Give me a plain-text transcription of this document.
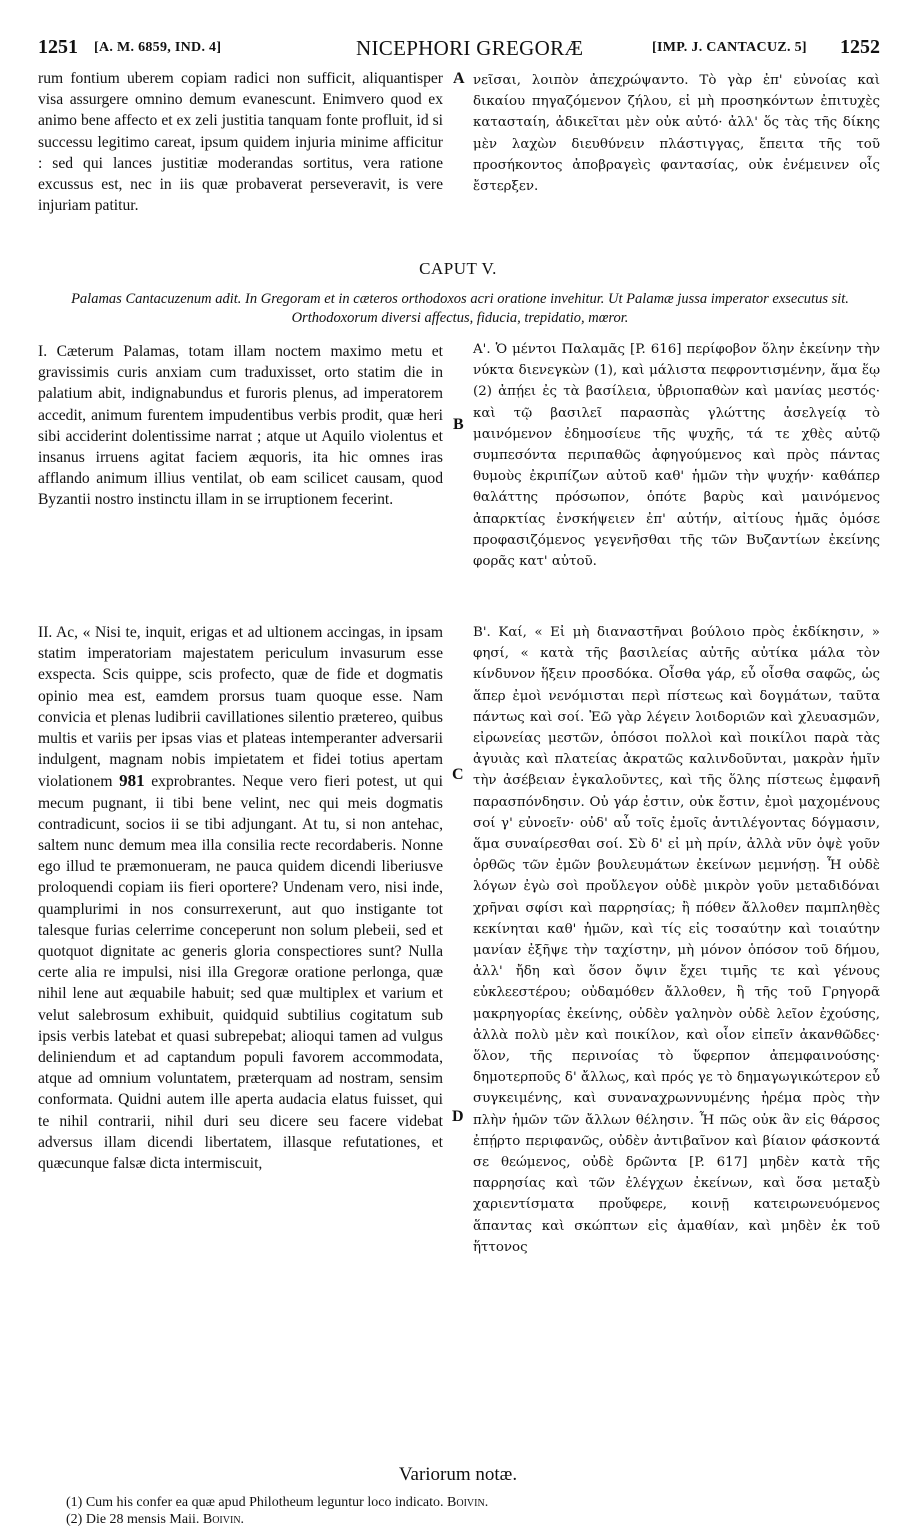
1251 [A. M. 6859, IND. 4]	NICEPHORI GREGORÆ	[IMP. J. CANTACUZ. 5] 1252
rum fontium uberem copiam radici non sufficit, aliquantisper visa assurgere omnino demum evanescunt. Enimvero quod ex animo bene affecto et ex zeli justitia tanquam fonte profluit, id si successu legitimo careat, ipsum quidem injuria minime afficitur : sed qui lances justitiæ moderandas sortitus, vera ratione excussus est, nec in iis quæ probaverat perseveravit, is vere injuriam patitur.
νεῖσαι, λοιπὸν ἀπεχρώψαντο. Τὸ γὰρ ἐπ' εὐνοίας καὶ δικαίου πηγαζόμενον ζήλου, εἰ μὴ προσηκόντων ἐπιτυχὲς κατασταίη, ἀδικεῖται μὲν οὐκ αὐτό· ἀλλ' ὅς τὰς τῆς δίκης μὲν λαχὼν διευθύνειν πλάστιγγας, ἔπειτα τῆς τοῦ προσήκοντος ἀποβραγεὶς φαντασίας, οὐκ ἐνέμεινεν οἷς ἔστερξεν.
A
CAPUT V.
Palamas Cantacuzenum adit. In Gregoram et in cæteros orthodoxos acri oratione invehitur. Ut Palamæ jussa imperator exsecutus sit. Orthodoxorum diversi affectus, fiducia, trepidatio, mœror.
I. Cæterum Palamas, totam illam noctem maximo metu et gravissimis curis anxiam cum traduxisset, orto statim die in palatium abit, indignabundus et furoris plenus, ad imperatorem accedit, animum furentem impudentibus verbis prodit, quæ heri sibi acciderint dolentissime narrat ; atque ut Aquilo violentus et insanus irruens agitat faciem æquoris, ita hic omnes iras afflando animum illius ventilat, ob eam scilicet causam, quod Byzantii nostro instinctu illam in se irruptionem fecerint.
Α'. Ὁ μέντοι Παλαμᾶς [P. 616] περίφοβον ὅλην ἐκείνην τὴν νύκτα διενεγκὼν (1), καὶ μάλιστα πεφροντισμένην, ἅμα ἕῳ (2) ἀπῄει ἐς τὰ βασίλεια, ὑβριοπαθὼν καὶ μανίας μεστός· καὶ τῷ βασιλεῖ παρασπὰς γλώττης ἀσελγείᾳ τὸ μαινόμενον ἐδημοσίευε τῆς ψυχῆς, τά τε χθὲς αὐτῷ συμπεσόντα περιπαθῶς ἀφηγούμενος καὶ πρὸς πάντας θυμοὺς ἐκριπίζων αὐτοῦ καθ' ἡμῶν τὴν ψυχήν· καθάπερ θαλάττης πρόσωπον, ὁπότε βαρὺς καὶ μαινόμενος ἀπαρκτίας ἐνσκήψειεν ἐπ' αὐτήν, αἰτίους ἡμᾶς ὁμόσε προφασιζόμενος γεγενῆσθαι τῆς τῶν Βυζαντίων ἐκείνης φορᾶς κατ' αὐτοῦ.
B
II. Ac, « Nisi te, inquit, erigas et ad ultionem accingas, in ipsam statim imperatoriam majestatem periculum invasurum esse exspecta. Scis quippe, scis profecto, quæ de fide et dogmatis opinio mea est, eamdem prorsus tuam quoque esse. Nam convicia et plenas ludibrii cavillationes silentio prætereo, quibus multis et variis per ipsas vias et plateas intemperanter adversarii indulgent, magnam nobis impietatem et fidei totius apertam violationem 981 exprobrantes. Neque vero fieri potest, ut qui mecum pugnant, ii tibi bene velint, nec qui meis dogmatis contradicunt, socios ii se tibi adjungant. At tu, si non antehac, saltem nunc demum mea illa consilia recte recordaberis. Nonne ego illud te præmonueram, ne pauca quidem dicendi liberiusve proloquendi copiam iis fieri oportere? Undenam vero, nisi inde, quamplurimi in nos consurrexerunt, aut quo instigante tot talesque furias celerrime conceperunt non solum plebeii, sed et quotquot dignitate ac generis gloria conspectiores sunt? Nulla certe alia re impulsi, nisi illa Gregoræ oratione perlonga, quæ nihil lene aut æquabile habuit; sed quæ multiplex et varium et velut salebrosum exhibuit, quidquid subtilius cogitatum sub ipsis verbis latebat et quasi subrepebat; alioqui tamen ad vulgus deliniendum et ad captandum populi favorem accommodata, atque ad omnium voluntatem, præterquam ad nostram, sensim conformata. Quidni autem ille aperta audacia elatus fuisset, qui te nihil contrarii, nihil duri seu dicere seu facere videbat adversus illam dicendi libertatem, illasque refutationes, et quæcunque falsæ dicta intermiscuit,
Β'. Καί, « Εἰ μὴ διαναστῆναι βούλοιο πρὸς ἐκδίκησιν, » φησί, « κατὰ τῆς βασιλείας αὐτῆς αὐτίκα μάλα τὸν κίνδυνον ἥξειν προσδόκα. Οἶσθα γάρ, εὖ οἶσθα σαφῶς, ὡς ἅπερ ἐμοὶ νενόμισται περὶ πίστεως καὶ δογμάτων, ταῦτα πάντως καὶ σοί. Ἐῶ γὰρ λέγειν λοιδοριῶν καὶ χλευασμῶν, εἰρωνείας μεστῶν, ὁπόσοι πολλοὶ καὶ ποικίλοι παρὰ τὰς ἀγυιὰς καὶ πλατείας ἀκρατῶς καλινδοῦνται, μακρὰν ἡμῖν τὴν ἀσέβειαν ἐγκαλοῦντες, καὶ τῆς ὅλης πίστεως ἐμφανῆ παρασπόνδησιν. Οὐ γάρ ἐστιν, οὐκ ἔστιν, ἐμοὶ μαχομένους σοί γ' εὐνοεῖν· οὐδ' αὖ τοῖς ἐμοῖς ἀντιλέγοντας δόγμασιν, ἅμα συναίρεσθαι σοί. Σὺ δ' εἰ μὴ πρίν, ἀλλὰ νῦν ὀψὲ γοῦν ὀρθῶς τῶν ἐμῶν βουλευμάτων ἐκείνων μεμνήσῃ. Ἦ οὐδὲ λόγων ἐγὼ σοὶ προὔλεγον οὐδὲ μικρὸν γοῦν μεταδιδόναι χρῆναι σφίσι καὶ παρρησίας; ἢ πόθεν ἄλλοθεν παμπληθὲς κεκίνηται καθ' ἡμῶν, καὶ τίς εἰς τοσαύτην καὶ τοιαύτην μανίαν ἐξῆψε τὴν ταχίστην, μὴ μόνον ὁπόσον τοῦ δήμου, ἀλλ' ἤδη καὶ ὅσον ὄψιν ἔχει τιμῆς τε καὶ γένους εὐκλεεστέρου; οὐδαμόθεν ἄλλοθεν, ἢ τῆς τοῦ Γρηγορᾶ μακρηγορίας ἐκείνης, οὐδὲν γαληνὸν οὐδὲ λεῖον ἐχούσης, ἀλλὰ πολὺ μὲν καὶ ποικίλον, καὶ οἷον εἰπεῖν ἀκανθῶδες· ὅλον, τῆς περινοίας τὸ ὕφερπον ἀπεμφαινούσης· δημοτερποῦς δ' ἄλλως, καὶ πρός γε τὸ δημαγωγικώτερον εὖ συγκειμένης, καὶ συναναχρωννυμένης ἠρέμα πρὸς τὴν πλὴν ἡμῶν τῶν ἄλλων θέλησιν. Ἦ πῶς οὐκ ἂν εἰς θάρσος ἐπῄρτο περιφανῶς, οὐδὲν ἀντιβαῖνον καὶ βίαιον φάσκοντά σε θεώμενος, οὐδὲ δρῶντα [P. 617] μηδὲν κατὰ τῆς παρρησίας καὶ τῶν ἐλέγχων ἐκείνων, καὶ ὅσα μεταξὺ χαριεντίσματα προὔφερε, κοινῇ κατειρωνευόμενος ἅπαντας καὶ σκώπτων εἰς ἀμαθίαν, καὶ μηδὲν ἐκ τοῦ ἥττονος
C
D
Variorum notæ.
(1) Cum his confer ea quæ apud Philotheum leguntur loco indicato. Boivin.
(2) Die 28 mensis Maii. Boivin.
